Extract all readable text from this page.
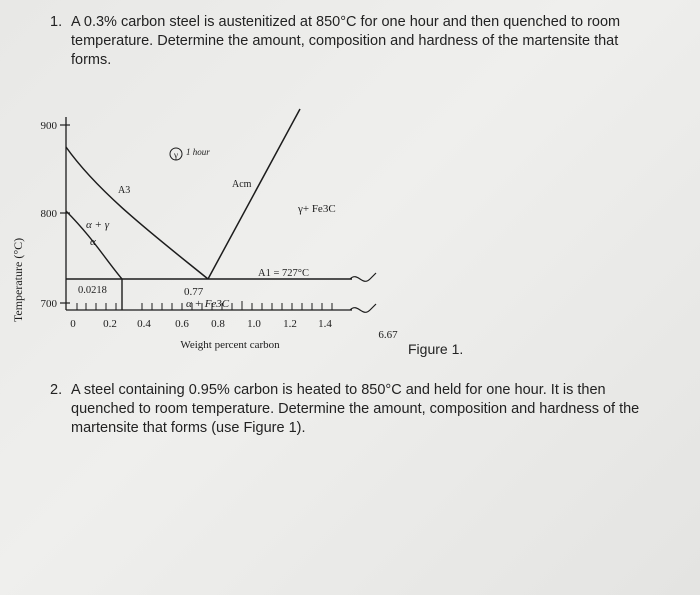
1. A 0.3% carbon steel is austenitized at 850°C for one hour and then quenched to room temperature. Determine the amount, composition and hardness of the martensite that forms.
Temperature (°C)
900
800
700
0 0.2 0.4 0.6 0.8 1.0 1.2 1.4
6.67
Weight percent carbon
A3
Acm
γ 1 hour
α + γ
α
γ+ Fe3C
A1 = 727°C
0.77
0.0218
α + Fe3C
Figure 1.
2. A steel containing 0.95% carbon is heated to 850°C and held for one hour. It is then quenched to room temperature. Determine the amount, composition and hardness of the martensite that forms (use Figure 1).
